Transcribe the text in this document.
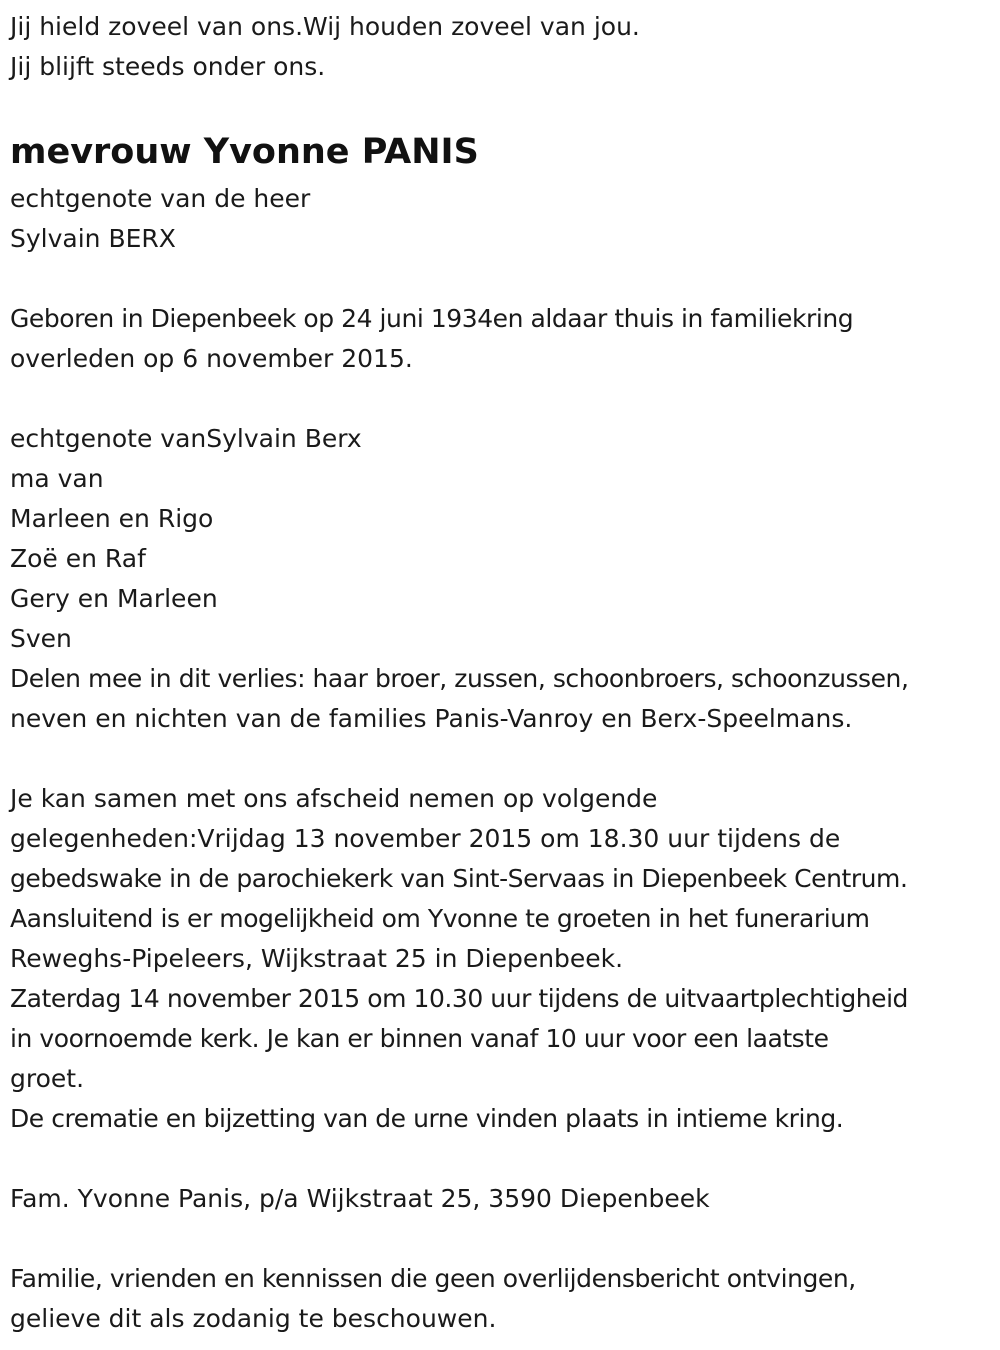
Jij hield zoveel van ons.Wij houden zoveel van jou.
Jij blijft steeds onder ons.
mevrouw Yvonne PANIS
echtgenote van de heer
Sylvain BERX
Geboren in Diepenbeek op 24 juni 1934en aldaar thuis in familiekring
overleden op 6 november 2015.
echtgenote vanSylvain Berx
ma van
Marleen en Rigo
Zoë en Raf
Gery en Marleen
Sven
Delen mee in dit verlies: haar broer, zussen, schoonbroers, schoonzussen,
neven en nichten van de families Panis-Vanroy en Berx-Speelmans.
Je kan samen met ons afscheid nemen op volgende
gelegenheden:Vrijdag 13 november 2015 om 18.30 uur tijdens de
gebedswake in de parochiekerk van Sint-Servaas in Diepenbeek Centrum.
Aansluitend is er mogelijkheid om Yvonne te groeten in het funerarium
Reweghs-Pipeleers, Wijkstraat 25 in Diepenbeek.
Zaterdag 14 november 2015 om 10.30 uur tijdens de uitvaartplechtigheid
in voornoemde kerk. Je kan er binnen vanaf 10 uur voor een laatste
groet.
De crematie en bijzetting van de urne vinden plaats in intieme kring.
Fam. Yvonne Panis, p/a Wijkstraat 25, 3590 Diepenbeek
Familie, vrienden en kennissen die geen overlijdensbericht ontvingen,
gelieve dit als zodanig te beschouwen.
